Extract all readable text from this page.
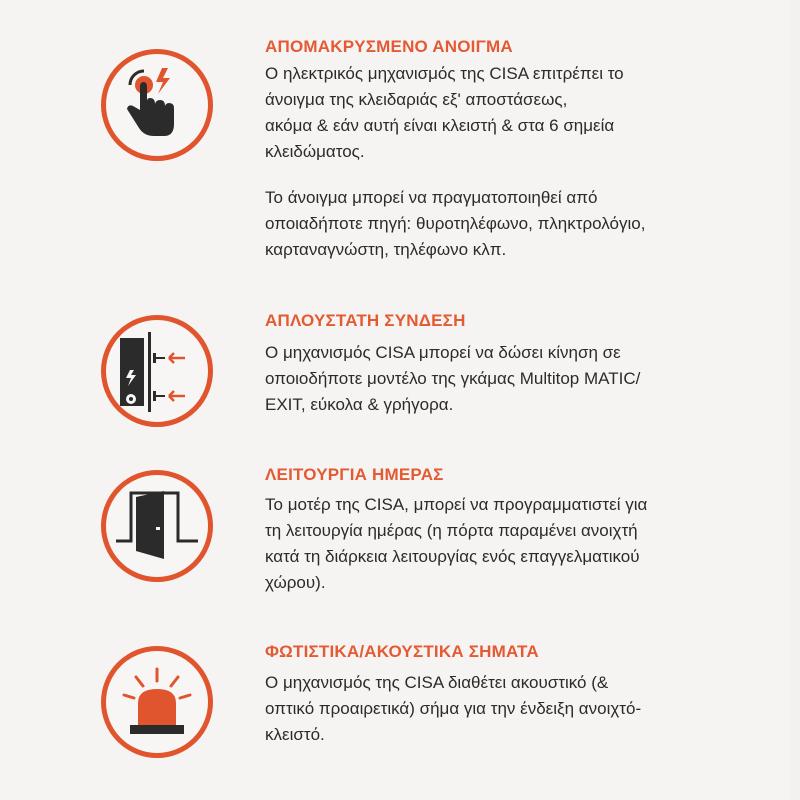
ΑΠΟΜΑΚΡΥΣΜΕΝΟ ΑΝΟΙΓΜΑ
Ο ηλεκτρικός μηχανισμός της CISA επιτρέπει το
άνοιγμα της κλειδαριάς εξ' αποστάσεως,
ακόμα & εάν αυτή είναι κλειστή & στα 6 σημεία
κλειδώματος.
Το άνοιγμα μπορεί να πραγματοποιηθεί από
οποιαδήποτε πηγή: θυροτηλέφωνο, πληκτρολόγιο,
καρταναγνώστη, τηλέφωνο κλπ.
ΑΠΛΟΥΣΤΑΤΗ ΣΥΝΔΕΣΗ
Ο μηχανισμός CISA μπορεί να δώσει κίνηση σε
οποιοδήποτε μοντέλο της γκάμας Multitop MATIC/
EXIT, εύκολα & γρήγορα.
ΛΕΙΤΟΥΡΓΙΑ ΗΜΕΡΑΣ
Το μοτέρ της CISA, μπορεί να προγραμματιστεί για
τη λειτουργία ημέρας (η πόρτα παραμένει ανοιχτή
κατά τη διάρκεια λειτουργίας ενός επαγγελματικού
χώρου).
ΦΩΤΙΣΤΙΚΑ/ΑΚΟΥΣΤΙΚΑ ΣΗΜΑΤΑ
Ο μηχανισμός της CISA διαθέτει ακουστικό (&
οπτικό προαιρετικά) σήμα για την ένδειξη ανοιχτό-
κλειστό.
